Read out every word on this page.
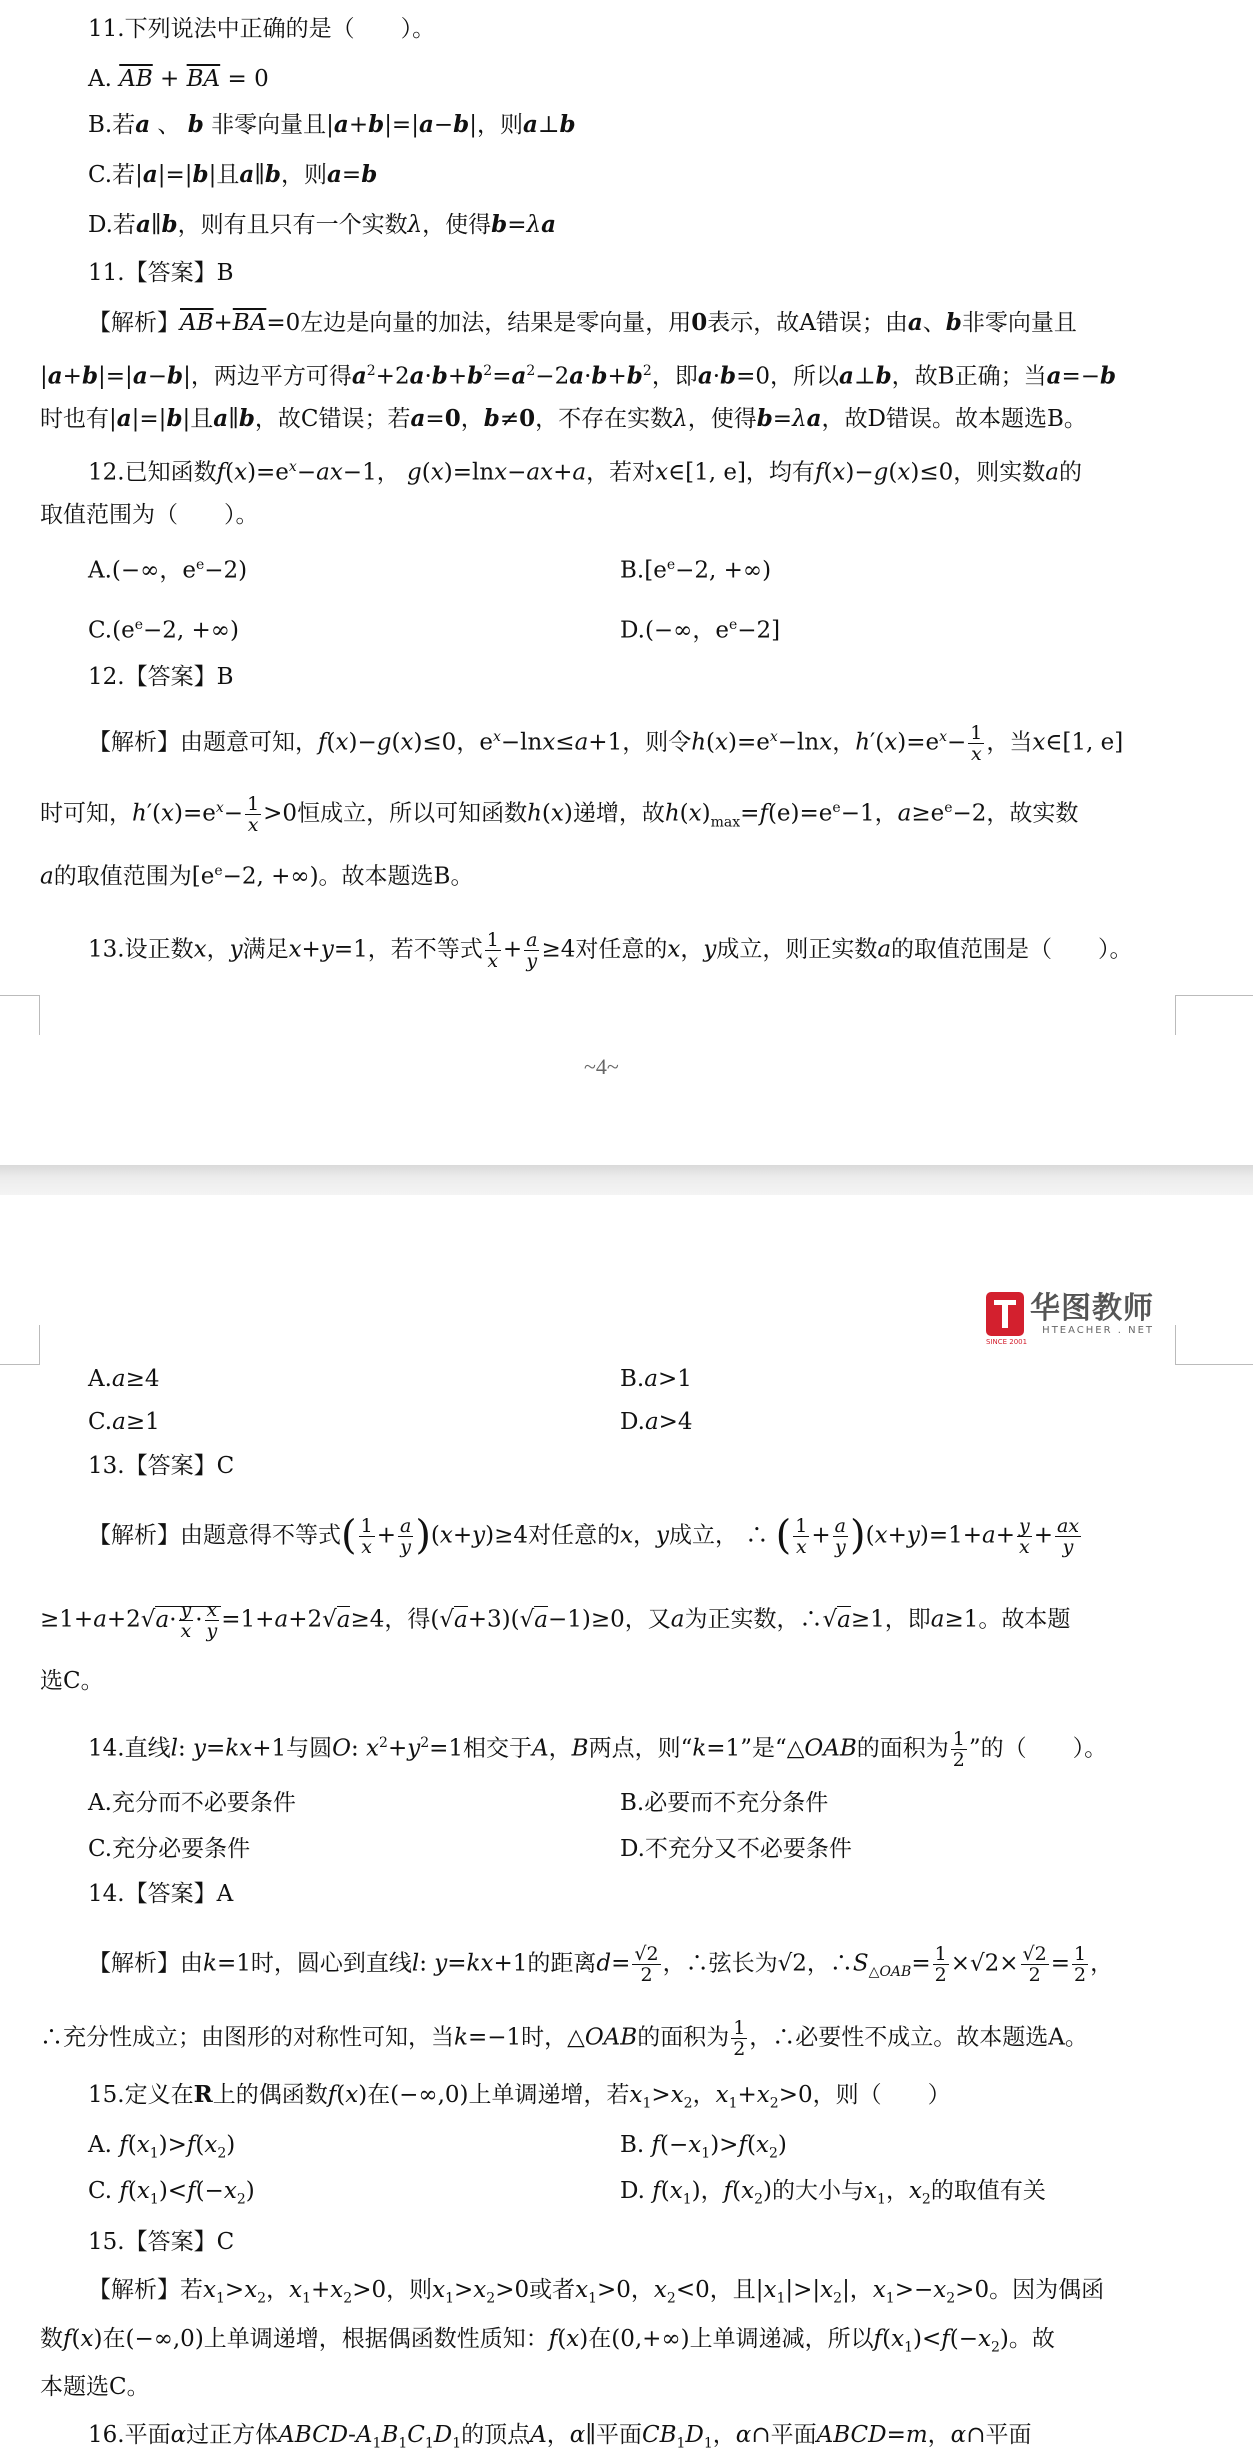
11.下列说法中正确的是（　　）。
A. $\overline{AB} + \overline{BA} = 0$
B.若a 、 b 非零向量且|a+b|=|a−b|，则a⊥b
C.若|a|=|b|且a∥b，则a=b
D.若a∥b，则有且只有一个实数λ，使得b=λa
11.【答案】B
【解析】$\overline{AB}+\overline{BA}=0$左边是向量的加法，结果是零向量，用0表示，故A错误；由a、b非零向量且
|a+b|=|a−b|，两边平方可得$a^2+2a\cdot b+b^2=a^2-2a\cdot b+b^2$，即a·b=0，所以a⊥b，故B正确；当a=−b
时也有|a|=|b|且a∥b，故C错误；若a=0，b≠0，不存在实数λ，使得b=λa，故D错误。故本题选B。
12.已知函数$f(x)=e^x-ax-1$， g(x)=lnx−ax+a，若对x∈[1, e]，均有f(x)−g(x)≤0，则实数a的
取值范围为（　　）。
A.(−∞，$e^e-2$)	$B.[e^e-2$, +∞)
$C.(e^e-2$, +∞)	D.(−∞，$e^e-2$]
12.【答案】B
【解析】由题意可知，f(x)−g(x)≤0，$e^x-\ln x\le a+1$，则令$h(x)=e^x-\ln x$，$h'(x)=e^x- \frac{1}{x}$ ，当x∈[1, e]
时可知，$h'(x)=e^x- \frac{1}{x} >0$恒成立，所以可知函数h(x)递增，故$h(x)_{max}=f(e)=e^e-1$，$a\ge e^e-2$，故实数
a的取值范围为[$e^e-2$, +∞)。故本题选B。
13.设正数x，y满足x+y=1，若不等式 $\frac{1}{x} + \frac{a}{y} \ge 4$对任意的x，y成立，则正实数a的取值范围是（　　）。
~4~
华图教师
HTEACHER . NET
SINCE 2001
A.a≥4	B.a>1
C.a≥1	D.a>4
13.【答案】C
【解析】由题意得不等式( $\frac{1}{x} + \frac{a}{y} )(x+y)\ge 4$对任意的x，y成立， ∴ ( $\frac{1}{x} + \frac{a}{y} )(x+y)=1+a+ \frac{y}{x} + \frac{ax}{y}$
$\ge 1+a+2√a\cdot \frac{y}{x} \cdot \frac{x}{y} =1+a+2√a\ge 4$，得(√a+3)(√a−1)≥0，又a为正实数，∴√a≥1，即a≥1。故本题
选C。
14.直线l: y=kx+1与圆O: $x^2+y^2=1$相交于A，B两点，则“k=1”是“△OAB的面积为 $\frac{1}{2}$ ”的（　　）。
A.充分而不必要条件	B.必要而不充分条件
C.充分必要条件	D.不充分又不必要条件
14.【答案】A
【解析】由k=1时，圆心到直线l: y=kx+1的距离$d= \frac{√2}{2}$ ，∴弦长为√2，$\therefore S_{\triangle OAB}= \frac{1}{2} \times√2\times \frac{√2}{2} = \frac{1}{2}$ ，
∴充分性成立；由图形的对称性可知，当k=−1时，△OAB的面积为 $\frac{1}{2}$ ，∴必要性不成立。故本题选A。
15.定义在R上的偶函数f(x)在(−∞,0)上单调递增，若$x_1>x_2$，$x_1+x_2>0$，则（　　）
A. $f(x_1)>f(x_2)$	B. $f(-x_1)>f(x_2)$
C. $f(x_1)<f(-x_2)$	D. $f(x_1)$，$f(x_2)$的大小与$x_1$，$x_2$的取值有关
15.【答案】C
【解析】若$x_1>x_2$，$x_1+x_2>0$，则$x_1>x_2>0$或者$x_1>0$，$x_2<0$，且$|x_1|>|x_2|$，$x_1>-x_2>0$。因为偶函
数f(x)在(−∞,0)上单调递增，根据偶函数性质知：f(x)在(0,+∞)上单调递减，所以$f(x_1)<f(-x_2)$。故
本题选C。
16.平面α过正方体ABCD-$A_1B_1C_1D_1$的顶点A，α∥平面$CB_1D_1$，α∩平面ABCD=m，α∩平面
